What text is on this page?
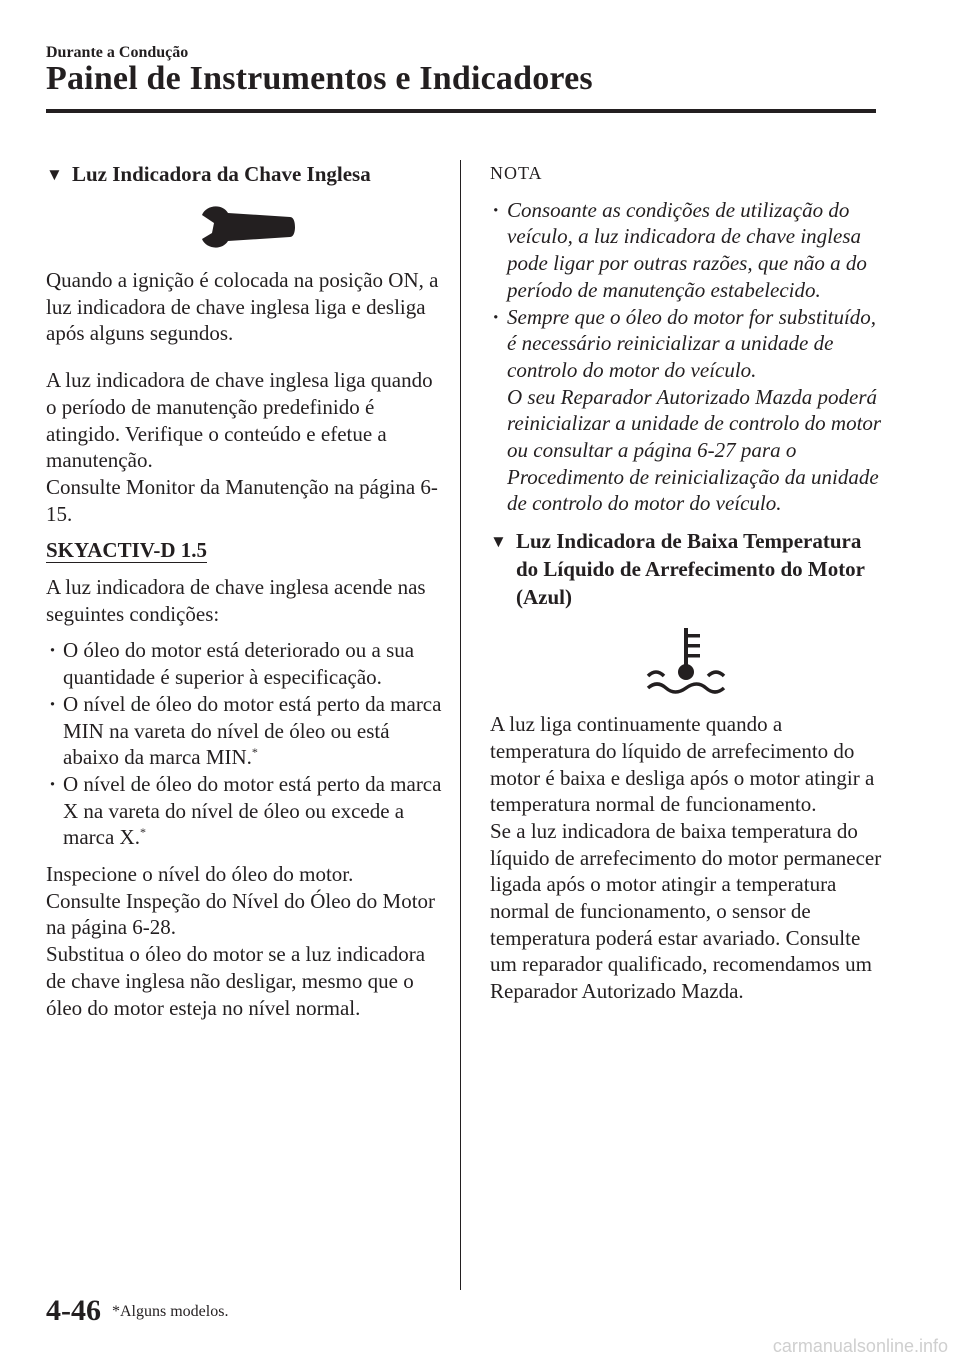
Durante a Condução
Painel de Instrumentos e Indicadores
▼ Luz Indicadora da Chave Inglesa

Quando a ignição é colocada na posição ON, a luz indicadora de chave inglesa liga e desliga após alguns segundos.

A luz indicadora de chave inglesa liga quando o período de manutenção predefinido é atingido. Verifique o conteúdo e efetue a manutenção.

Consulte Monitor da Manutenção na página 6-15.

SKYACTIV-D 1.5

A luz indicadora de chave inglesa acende nas seguintes condições:

· O óleo do motor está deteriorado ou a sua quantidade é superior à especificação.
· O nível de óleo do motor está perto da marca MIN na vareta do nível de óleo ou está abaixo da marca MIN.*
· O nível de óleo do motor está perto da marca X na vareta do nível de óleo ou excede a marca X.*

Inspecione o nível do óleo do motor.

Consulte Inspeção do Nível do Óleo do Motor na página 6-28.

Substitua o óleo do motor se a luz indicadora de chave inglesa não desligar, mesmo que o óleo do motor esteja no nível normal.

NOTA
· Consoante as condições de utilização do veículo, a luz indicadora de chave inglesa pode ligar por outras razões, que não a do período de manutenção estabelecido.
· Sempre que o óleo do motor for substituído, é necessário reinicializar a unidade de controlo do motor do veículo.
O seu Reparador Autorizado Mazda poderá reinicializar a unidade de controlo do motor ou consultar a página 6-27 para o Procedimento de reinicialização da unidade de controlo do motor do veículo.
▼ Luz Indicadora de Baixa Temperatura do Líquido de Arrefecimento do Motor (Azul)

A luz liga continuamente quando a temperatura do líquido de arrefecimento do motor é baixa e desliga após o motor atingir a temperatura normal de funcionamento.

Se a luz indicadora de baixa temperatura do líquido de arrefecimento do motor permanecer ligada após o motor atingir a temperatura normal de funcionamento, o sensor de temperatura poderá estar avariado. Consulte um reparador qualificado, recomendamos um Reparador Autorizado Mazda.

4-46 *Alguns modelos.
carmanualsonline.info
